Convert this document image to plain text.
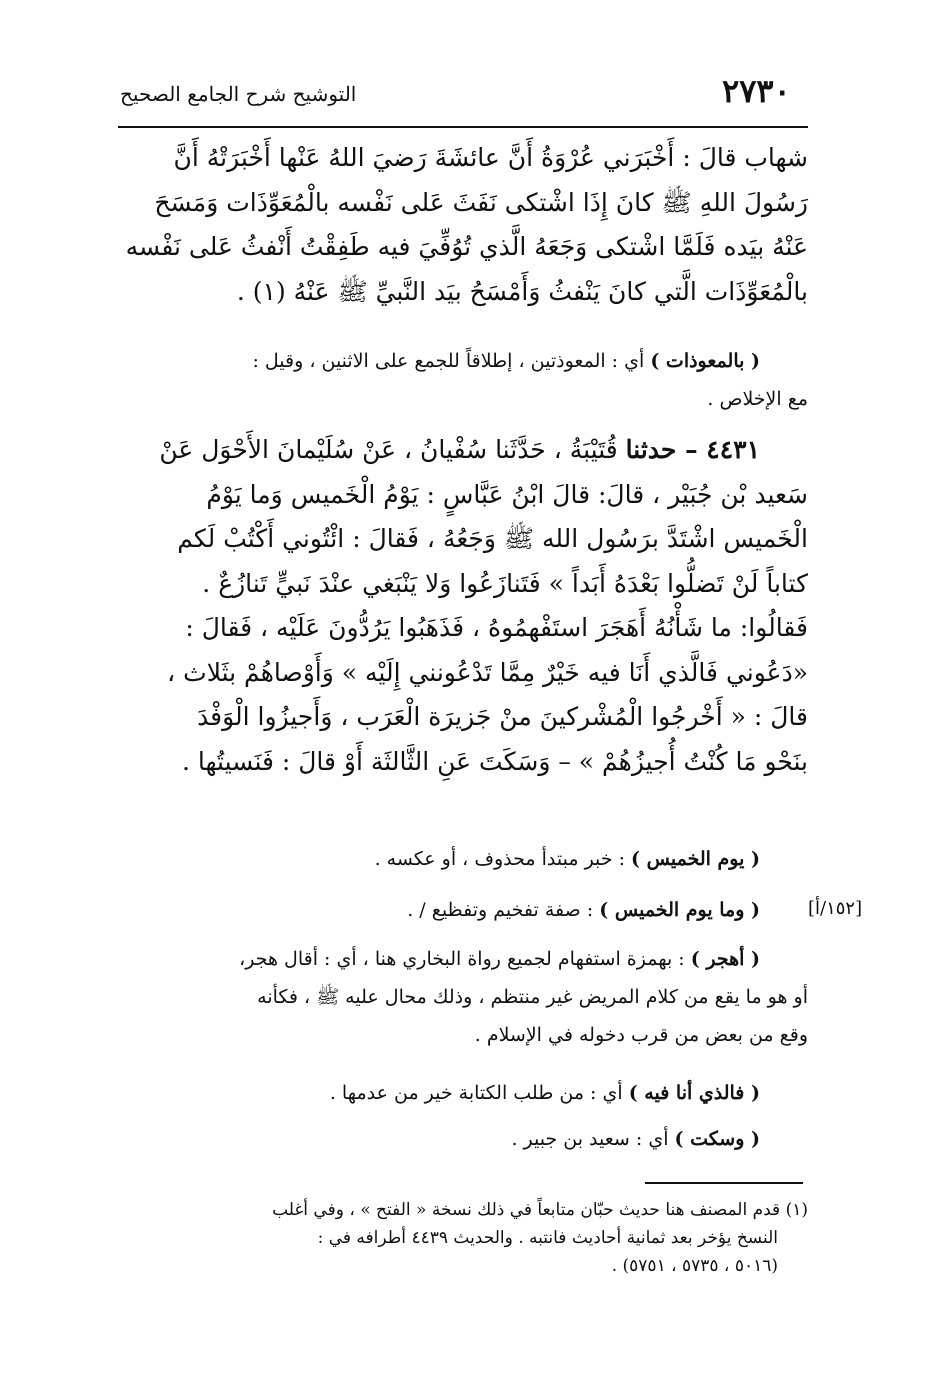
٢٧٣٠
التوشيح شرح الجامع الصحيح

شهاب قالَ : أَخْبَرَني عُرْوَةُ أَنَّ عائشَةَ رَضيَ اللهُ عَنْها أَخْبَرَتْهُ أَنَّ

رَسُولَ اللهِ ﷺ كانَ إِذَا اشْتكى نَفَثَ عَلى نَفْسه بالْمُعَوِّذَات وَمَسَحَ

عَنْهُ بيَده فَلَمَّا اشْتكى وَجَعَهُ الَّذي تُوُفِّيَ فيه طَفِقْتُ أَنْفثُ عَلى نَفْسه

بالْمُعَوِّذَات الَّتي كانَ يَنْفثُ وَأَمْسَحُ بيَد النَّبيِّ ﷺ عَنْهُ (١) .

( بالمعوذات ) أي : المعوذتين ، إطلاقاً للجمع على الاثنين ، وقيل :

مع الإخلاص .

٤٤٣١ – حدثنا قُتَيْبَةُ ، حَدَّثَنا سُفْيانُ ، عَنْ سُلَيْمانَ الأَحْوَل عَنْ

سَعيد بْن جُبَيْر ، قالَ: قالَ ابْنُ عَبَّاسٍ : يَوْمُ الْخَميس وَما يَوْمُ

الْخَميس اشْتَدَّ برَسُول الله ﷺ وَجَعُهُ ، فَقالَ : ائْتُوني أَكْتُبْ لَكم

كتاباً لَنْ تَضلُّوا بَعْدَهُ أَبَداً » فَتَنازَعُوا وَلا يَنْبَغي عنْدَ نَبيٍّ تَنازُعٌ .

فَقالُوا: ما شَأْنُهُ أَهَجَرَ استَفْهمُوهُ ، فَذَهَبُوا يَرُدُّونَ عَلَيْه ، فَقالَ :

«دَعُوني فَالَّذي أَنَا فيه خَيْرٌ مِمَّا تَدْعُونني إِلَيْه » وَأَوْصاهُمْ بثَلاث ،

قالَ : « أَخْرجُوا الْمُشْركينَ منْ جَزيرَة الْعَرَب ، وَأَجيزُوا الْوَفْدَ

بنَحْو مَا كُنْتُ أُجيزُهُمْ » – وَسَكَتَ عَنِ الثَّالثَة أَوْ قالَ : فَنَسيتُها .

( يوم الخميس ) : خبر مبتدأ محذوف ، أو عكسه .

( وما يوم الخميس ) : صفة تفخيم وتفظيع / .	[١٥٢/أ]

( أهجر ) : بهمزة استفهام لجميع رواة البخاري هنا ، أي : أقال هجر،

أو هو ما يقع من كلام المريض غير منتظم ، وذلك محال عليه ﷺ ، فكأنه

وقع من بعض من قرب دخوله في الإسلام .

( فالذي أنا فيه ) أي : من طلب الكتابة خير من عدمها .

( وسكت ) أي : سعيد بن جبير .

(١) قدم المصنف هنا حديث حبّان متابعاً في ذلك نسخة « الفتح » ، وفي أغلب

النسخ يؤخر بعد ثمانية أحاديث فانتبه . والحديث ٤٤٣٩ أطرافه في :

(٥٠١٦ ، ٥٧٣٥ ، ٥٧٥١) .
